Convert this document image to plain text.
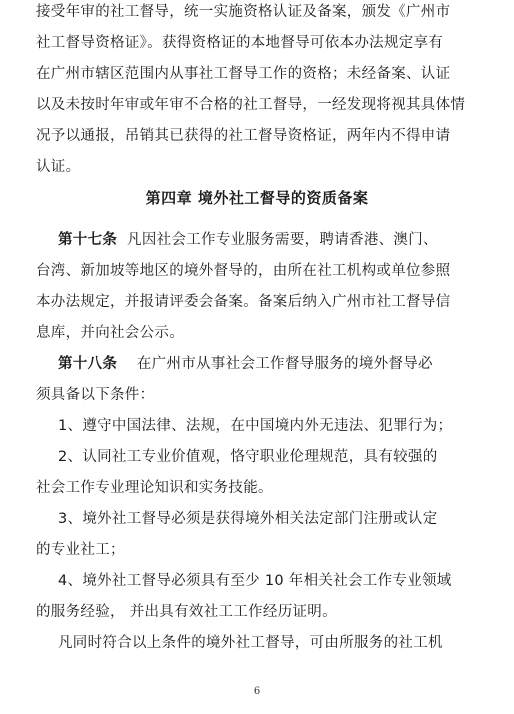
接受年审的社工督导，统一实施资格认证及备案，颁发《广州市
社工督导资格证》。获得资格证的本地督导可依本办法规定享有
在广州市辖区范围内从事社工督导工作的资格；未经备案、认证
以及未按时年审或年审不合格的社工督导，一经发现将视其具体情
况予以通报，吊销其已获得的社工督导资格证，两年内不得申请
认证。
第四章 境外社工督导的资质备案
第十七条 凡因社会工作专业服务需要，聘请香港、澳门、
台湾、新加坡等地区的境外督导的，由所在社工机构或单位参照
本办法规定，并报请评委会备案。备案后纳入广州市社工督导信
息库，并向社会公示。
第十八条 在广州市从事社会工作督导服务的境外督导必
须具备以下条件：
1、遵守中国法律、法规，在中国境内外无违法、犯罪行为；
2、认同社工专业价值观，恪守职业伦理规范，具有较强的
社会工作专业理论知识和实务技能。
3、境外社工督导必须是获得境外相关法定部门注册或认定
的专业社工；
4、境外社工督导必须具有至少 10 年相关社会工作专业领域
的服务经验， 并出具有效社工工作经历证明。
凡同时符合以上条件的境外社工督导，可由所服务的社工机
6
